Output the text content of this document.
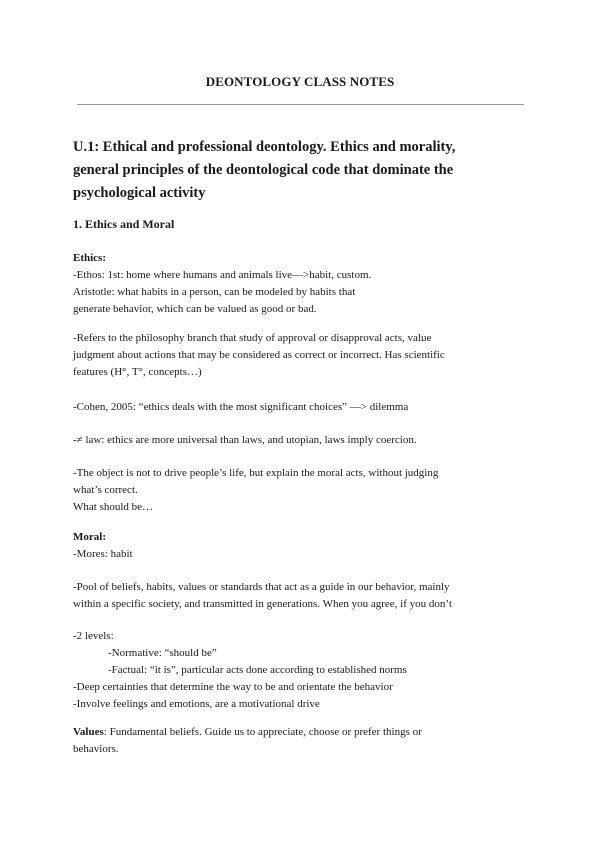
DEONTOLOGY CLASS NOTES
U.1: Ethical and professional deontology. Ethics and morality,
general principles of the deontological code that dominate the
psychological activity
1. Ethics and Moral
Ethics:
-Ethos: 1st: home where humans and animals live—>habit, custom.
Aristotle: what habits in a person, can be modeled by habits that
generate behavior, which can be valued as good or bad.
-Refers to the philosophy branch that study of approval or disapproval acts, value
judgment about actions that may be considered as correct or incorrect. Has scientific
features (H°, T°, concepts…)
-Cohen, 2005: “ethics deals with the most significant choices” —> dilemma
-≠ law: ethics are more universal than laws, and utopian, laws imply coercion.
-The object is not to drive people’s life, but explain the moral acts, without judging
what’s correct.
What should be…
Moral:
-Mores: habit
-Pool of beliefs, habits, values or standards that act as a guide in our behavior, mainly
within a specific society, and transmitted in generations. When you agree, if you don’t
-2 levels:
-Normative: “should be”
-Factual: “it is”, particular acts done according to established norms
-Deep certainties that determine the way to be and orientate the behavior
-Involve feelings and emotions, are a motivational drive
Values: Fundamental beliefs. Guide us to appreciate, choose or prefer things or
behaviors.
